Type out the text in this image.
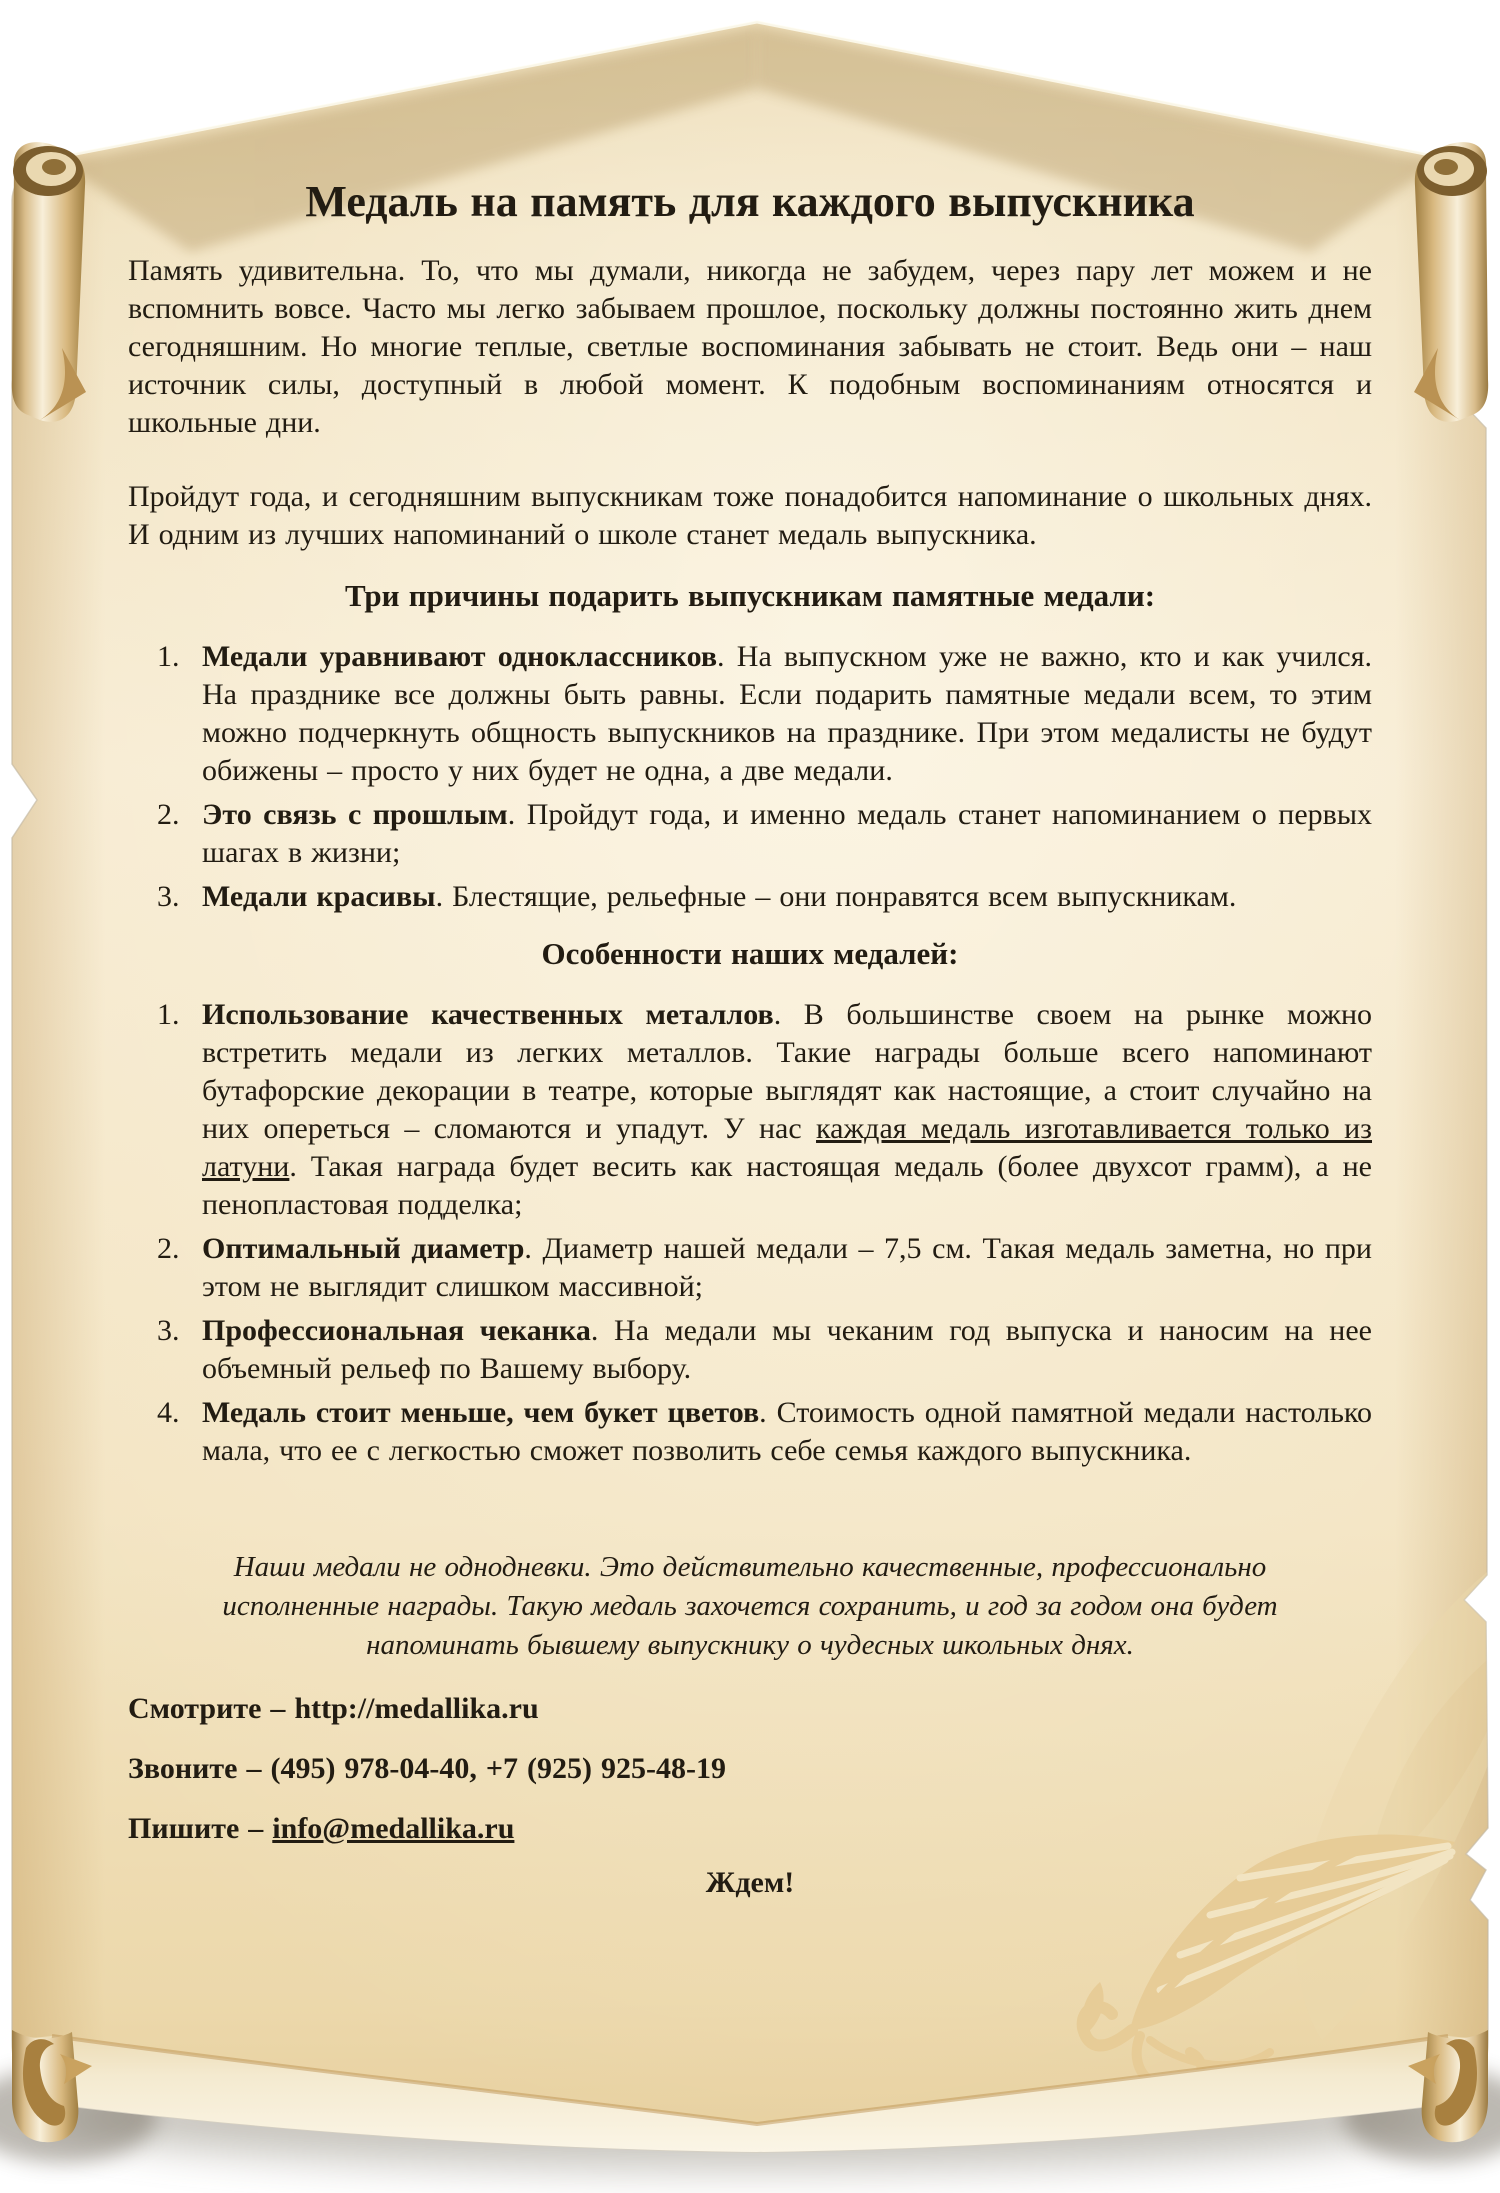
Медаль на память для каждого выпускника

Память удивительна. То, что мы думали, никогда не забудем, через пару лет можем и не вспомнить вовсе. Часто мы легко забываем прошлое, поскольку должны постоянно жить днем сегодняшним. Но многие теплые, светлые воспоминания забывать не стоит. Ведь они – наш источник силы, доступный в любой момент. К подобным воспоминаниям относятся и школьные дни.

Пройдут года, и сегодняшним выпускникам тоже понадобится напоминание о школьных днях. И одним из лучших напоминаний о школе станет медаль выпускника.

Три причины подарить выпускникам памятные медали:
1. Медали уравнивают одноклассников. На выпускном уже не важно, кто и как учился. На празднике все должны быть равны. Если подарить памятные медали всем, то этим можно подчеркнуть общность выпускников на празднике. При этом медалисты не будут обижены – просто у них будет не одна, а две медали.
2. Это связь с прошлым. Пройдут года, и именно медаль станет напоминанием о первых шагах в жизни;
3. Медали красивы. Блестящие, рельефные – они понравятся всем выпускникам.
Особенности наших медалей:
1. Использование качественных металлов. В большинстве своем на рынке можно встретить медали из легких металлов. Такие награды больше всего напоминают бутафорские декорации в театре, которые выглядят как настоящие, а стоит случайно на них опереться – сломаются и упадут. У нас каждая медаль изготавливается только из латуни. Такая награда будет весить как настоящая медаль (более двухсот грамм), а не пенопластовая подделка;
2. Оптимальный диаметр. Диаметр нашей медали – 7,5 см. Такая медаль заметна, но при этом не выглядит слишком массивной;
3. Профессиональная чеканка. На медали мы чеканим год выпуска и наносим на нее объемный рельеф по Вашему выбору.
4. Медаль стоит меньше, чем букет цветов. Стоимость одной памятной медали настолько мала, что ее с легкостью сможет позволить себе семья каждого выпускника.

Наши медали не однодневки. Это действительно качественные, профессионально исполненные награды. Такую медаль захочется сохранить, и год за годом она будет напоминать бывшему выпускнику о чудесных школьных днях.

Смотрите – http://medallika.ru

Звоните – (495) 978-04-40, +7 (925) 925-48-19

Пишите – info@medallika.ru

Ждем!
